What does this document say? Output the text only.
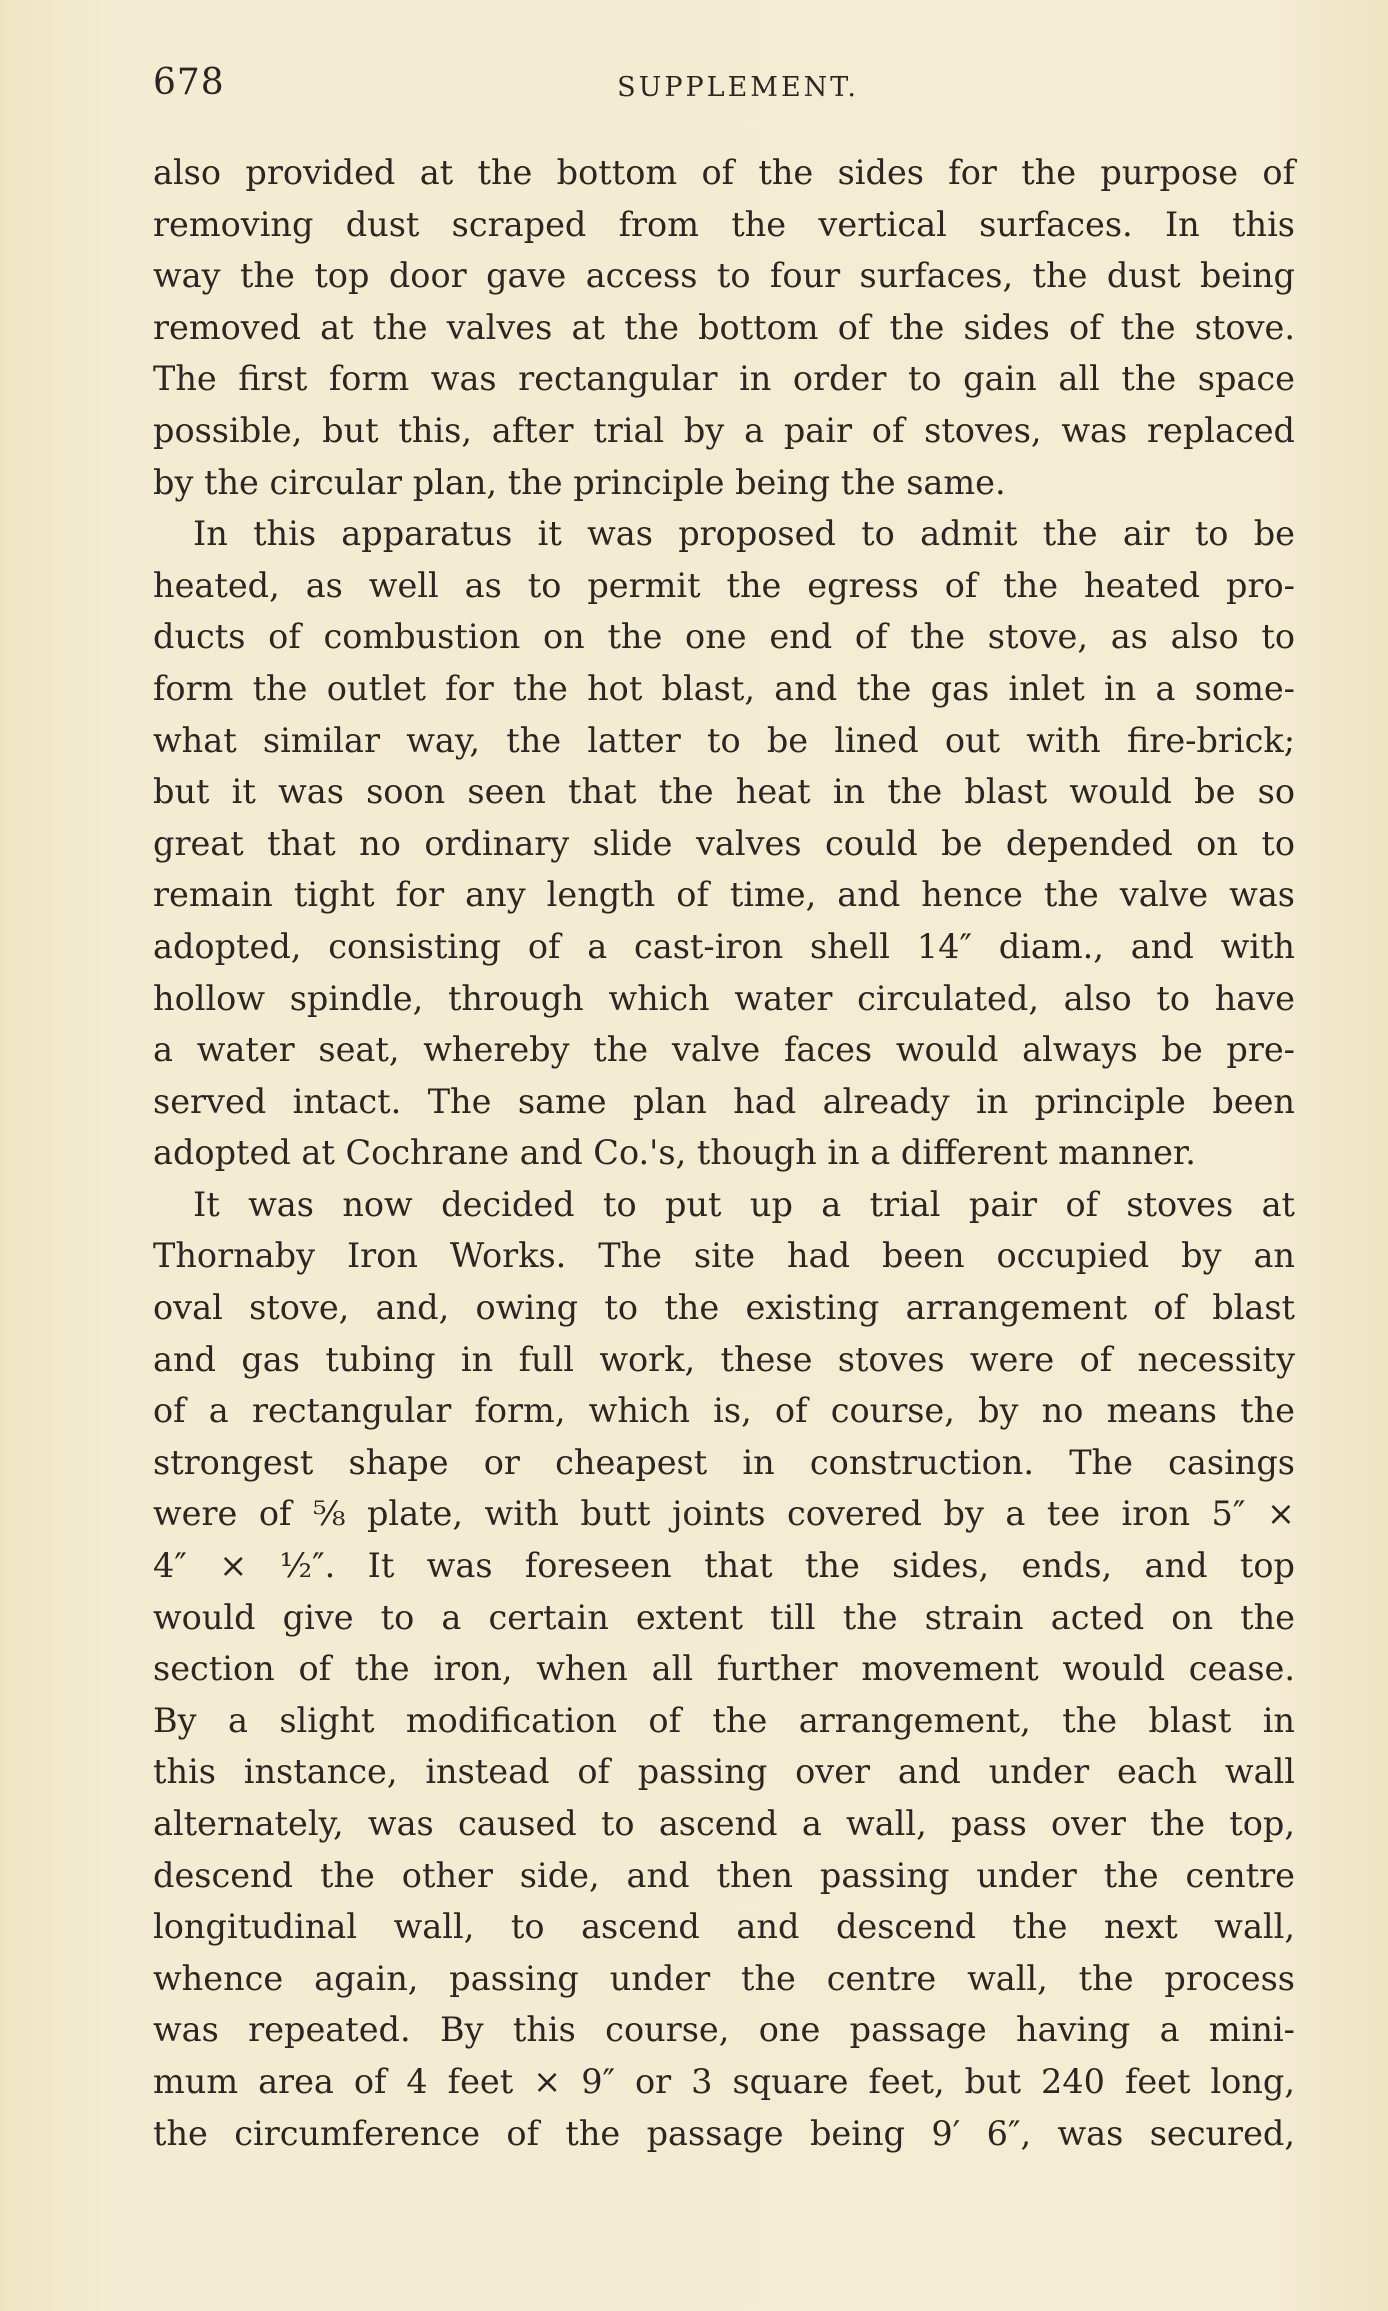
678	SUPPLEMENT.
also provided at the bottom of the sides for the purpose of
removing dust scraped from the vertical surfaces. In this
way the top door gave access to four surfaces, the dust being
removed at the valves at the bottom of the sides of the stove.
The first form was rectangular in order to gain all the space
possible, but this, after trial by a pair of stoves, was replaced
by the circular plan, the principle being the same.
In this apparatus it was proposed to admit the air to be
heated, as well as to permit the egress of the heated pro-
ducts of combustion on the one end of the stove, as also to
form the outlet for the hot blast, and the gas inlet in a some-
what similar way, the latter to be lined out with fire-brick;
but it was soon seen that the heat in the blast would be so
great that no ordinary slide valves could be depended on to
remain tight for any length of time, and hence the valve was
adopted, consisting of a cast-iron shell 14″ diam., and with
hollow spindle, through which water circulated, also to have
a water seat, whereby the valve faces would always be pre-
served intact. The same plan had already in principle been
adopted at Cochrane and Co.'s, though in a different manner.
It was now decided to put up a trial pair of stoves at
Thornaby Iron Works. The site had been occupied by an
oval stove, and, owing to the existing arrangement of blast
and gas tubing in full work, these stoves were of necessity
of a rectangular form, which is, of course, by no means the
strongest shape or cheapest in construction. The casings
were of ⅝ plate, with butt joints covered by a tee iron 5″ ×
4″ × ½″. It was foreseen that the sides, ends, and top
would give to a certain extent till the strain acted on the
section of the iron, when all further movement would cease.
By a slight modification of the arrangement, the blast in
this instance, instead of passing over and under each wall
alternately, was caused to ascend a wall, pass over the top,
descend the other side, and then passing under the centre
longitudinal wall, to ascend and descend the next wall,
whence again, passing under the centre wall, the process
was repeated. By this course, one passage having a mini-
mum area of 4 feet × 9″ or 3 square feet, but 240 feet long,
the circumference of the passage being 9′ 6″, was secured,
